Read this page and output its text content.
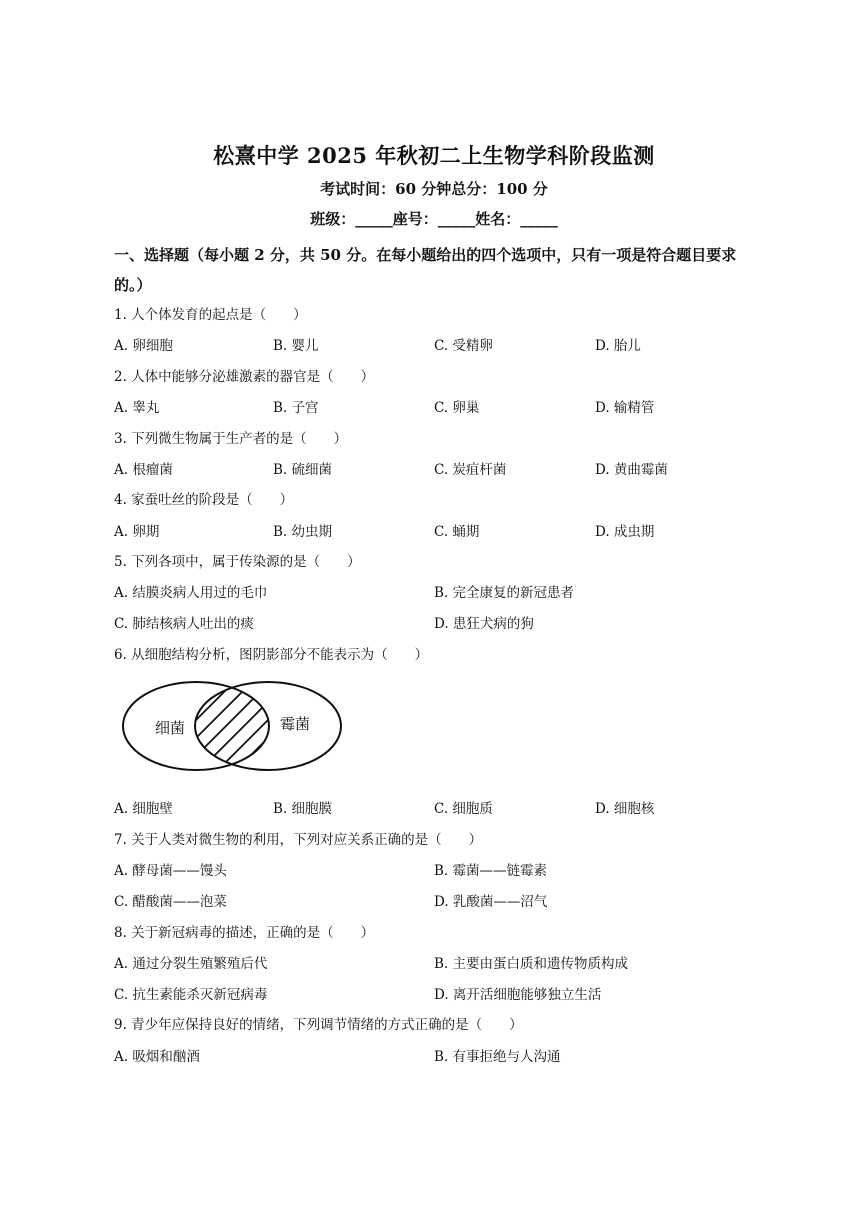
松熹中学 2025 年秋初二上生物学科阶段监测
考试时间：60 分钟总分：100 分
班级：_____座号：_____姓名：_____
一、选择题（每小题 2 分，共 50 分。在每小题给出的四个选项中，只有一项是符合题目要求的。）
1. 人个体发育的起点是（　　）
A. 卵细胞	B. 婴儿	C. 受精卵	D. 胎儿
2. 人体中能够分泌雄激素的器官是（　　）
A. 睾丸	B. 子宫	C. 卵巢	D. 输精管
3. 下列微生物属于生产者的是（　　）
A. 根瘤菌	B. 硫细菌	C. 炭疽杆菌	D. 黄曲霉菌
4. 家蚕吐丝的阶段是（　　）
A. 卵期	B. 幼虫期	C. 蛹期	D. 成虫期
5. 下列各项中，属于传染源的是（　　）
A. 结膜炎病人用过的毛巾	B. 完全康复的新冠患者
C. 肺结核病人吐出的痰	D. 患狂犬病的狗
6. 从细胞结构分析，图阴影部分不能表示为（　　）
细菌	霉菌
A. 细胞壁	B. 细胞膜	C. 细胞质	D. 细胞核
7. 关于人类对微生物的利用，下列对应关系正确的是（　　）
A. 酵母菌——馒头	B. 霉菌——链霉素
C. 醋酸菌——泡菜	D. 乳酸菌——沼气
8. 关于新冠病毒的描述，正确的是（　　）
A. 通过分裂生殖繁殖后代	B. 主要由蛋白质和遗传物质构成
C. 抗生素能杀灭新冠病毒	D. 离开活细胞能够独立生活
9. 青少年应保持良好的情绪，下列调节情绪的方式正确的是（　　）
A. 吸烟和酗酒	B. 有事拒绝与人沟通
